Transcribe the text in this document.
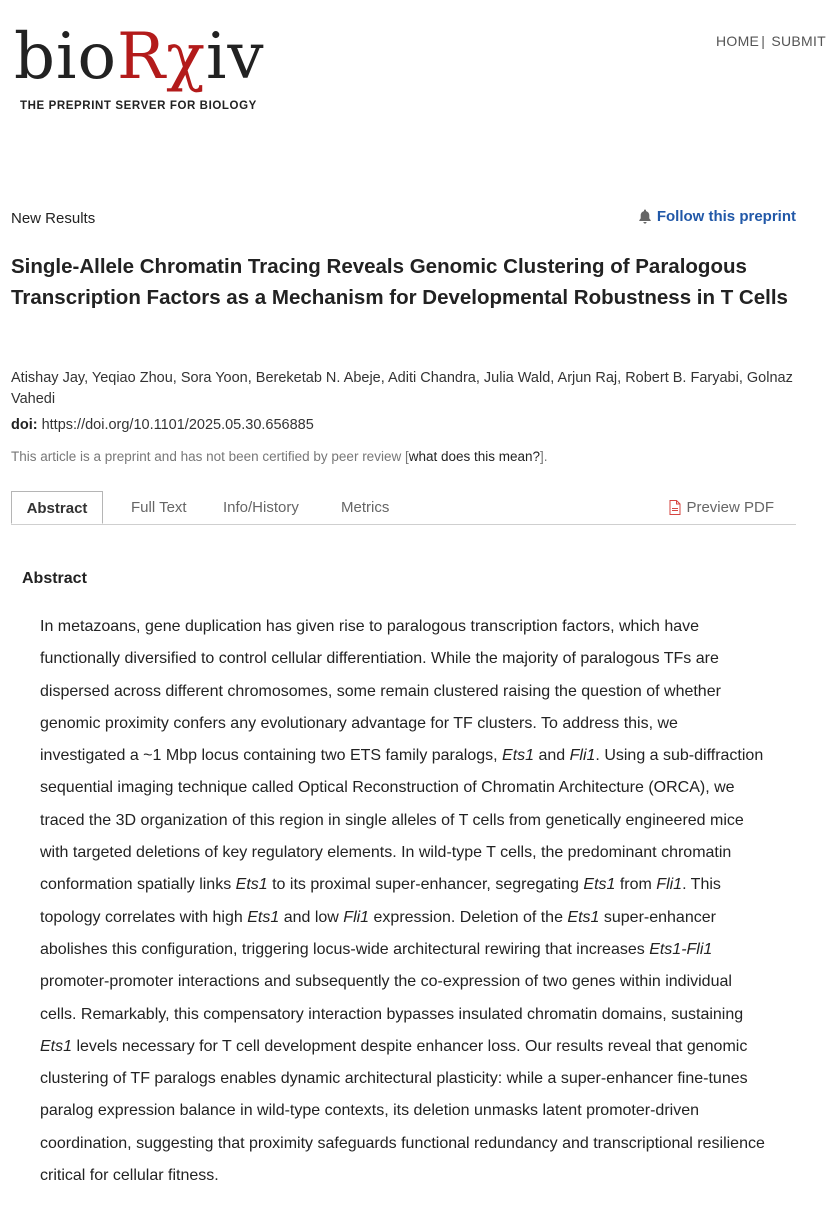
bioRχiv
THE PREPRINT SERVER FOR BIOLOGY
HOME | SUBMIT
New Results	Follow this preprint
Single-Allele Chromatin Tracing Reveals Genomic Clustering of Paralogous Transcription Factors as a Mechanism for Developmental Robustness in T Cells
Atishay Jay, Yeqiao Zhou, Sora Yoon, Bereketab N. Abeje, Aditi Chandra, Julia Wald, Arjun Raj, Robert B. Faryabi, Golnaz Vahedi
doi: https://doi.org/10.1101/2025.05.30.656885
This article is a preprint and has not been certified by peer review [what does this mean?].
Abstract	Full Text Info/History	Metrics	Preview PDF
Abstract
In metazoans, gene duplication has given rise to paralogous transcription factors, which have functionally diversified to control cellular differentiation. While the majority of paralogous TFs are dispersed across different chromosomes, some remain clustered raising the question of whether genomic proximity confers any evolutionary advantage for TF clusters. To address this, we investigated a ~1 Mbp locus containing two ETS family paralogs, Ets1 and Fli1. Using a sub-diffraction sequential imaging technique called Optical Reconstruction of Chromatin Architecture (ORCA), we traced the 3D organization of this region in single alleles of T cells from genetically engineered mice with targeted deletions of key regulatory elements. In wild-type T cells, the predominant chromatin conformation spatially links Ets1 to its proximal super-enhancer, segregating Ets1 from Fli1. This topology correlates with high Ets1 and low Fli1 expression. Deletion of the Ets1 super-enhancer abolishes this configuration, triggering locus-wide architectural rewiring that increases Ets1-Fli1 promoter-promoter interactions and subsequently the co-expression of two genes within individual cells. Remarkably, this compensatory interaction bypasses insulated chromatin domains, sustaining Ets1 levels necessary for T cell development despite enhancer loss. Our results reveal that genomic clustering of TF paralogs enables dynamic architectural plasticity: while a super-enhancer fine-tunes paralog expression balance in wild-type contexts, its deletion unmasks latent promoter-driven coordination, suggesting that proximity safeguards functional redundancy and transcriptional resilience critical for cellular fitness.
